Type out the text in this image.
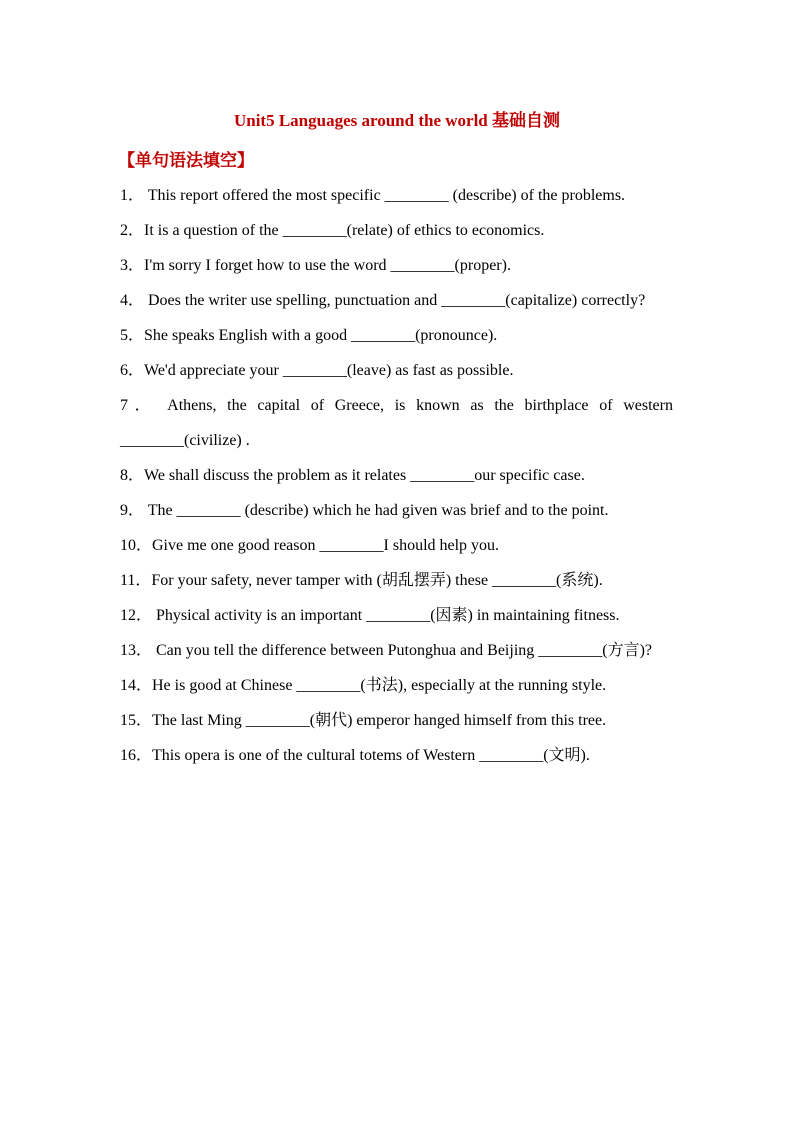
Unit5 Languages around the world 基础自测
【单句语法填空】
1． This report offered the most specific ________ (describe) of the problems.
2．It is a question of the ________(relate) of ethics to economics.
3．I'm sorry I forget how to use the word ________(proper).
4． Does the writer use spelling, punctuation and ________(capitalize) correctly?
5．She speaks English with a good ________(pronounce).
6．We'd appreciate your ________(leave) as fast as possible.
7． Athens, the capital of Greece, is known as the birthplace of western ________(civilize) .
8．We shall discuss the problem as it relates ________our specific case.
9． The ________ (describe) which he had given was brief and to the point.
10．Give me one good reason ________I should help you.
11．For your safety, never tamper with (胡乱摆弄) these ________(系统).
12． Physical activity is an important ________(因素) in maintaining fitness.
13． Can you tell the difference between Putonghua and Beijing ________(方言)?
14．He is good at Chinese ________(书法), especially at the running style.
15．The last Ming ________(朝代) emperor hanged himself from this tree.
16．This opera is one of the cultural totems of Western ________(文明).
